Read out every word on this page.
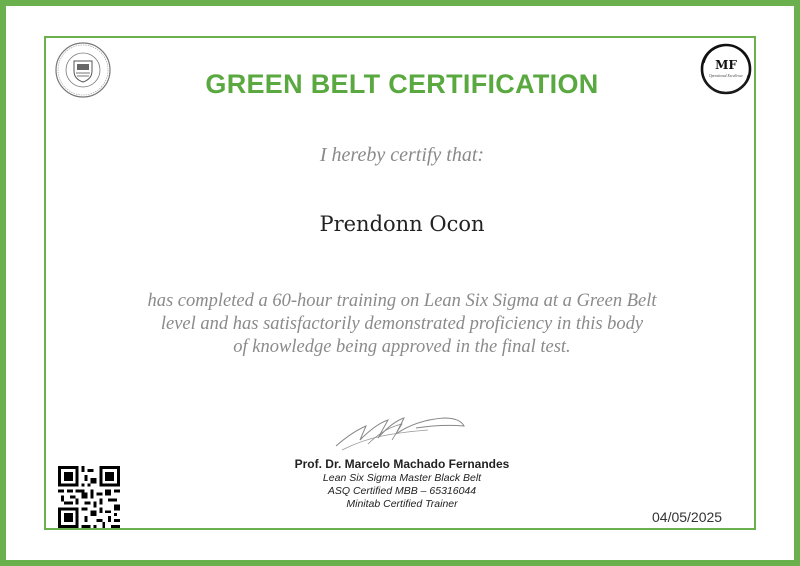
MF
Operational Excellence
GREEN BELT CERTIFICATION
I hereby certify that:
Prendonn Ocon
has completed a 60-hour training on Lean Six Sigma at a Green Belt
level and has satisfactorily demonstrated proficiency in this body
of knowledge being approved in the final test.
Prof. Dr. Marcelo Machado Fernandes
Lean Six Sigma Master Black Belt
ASQ Certified MBB – 65316044
Minitab Certified Trainer
04/05/2025
